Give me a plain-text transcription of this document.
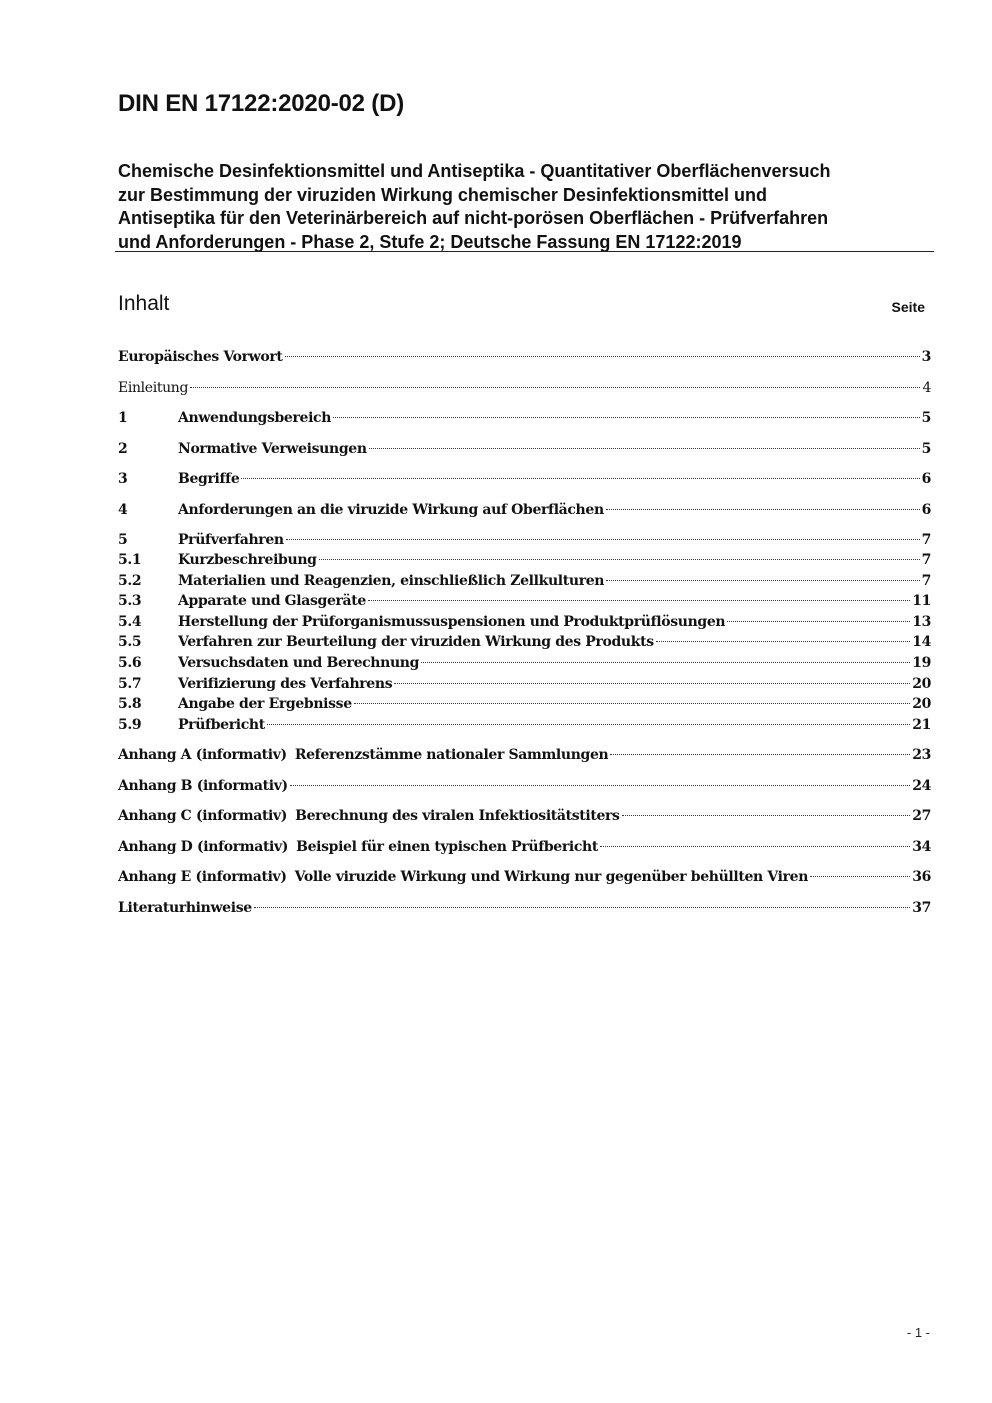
DIN EN 17122:2020-02 (D)
Chemische Desinfektionsmittel und Antiseptika - Quantitativer Oberflächenversuch
zur Bestimmung der viruziden Wirkung chemischer Desinfektionsmittel und
Antiseptika für den Veterinärbereich auf nicht-porösen Oberflächen - Prüfverfahren
und Anforderungen - Phase 2, Stufe 2; Deutsche Fassung EN 17122:2019
Inhalt	Seite
Europäisches Vorwort	3
Einleitung	4
1	Anwendungsbereich	5
2	Normative Verweisungen	5
3	Begriffe	6
4	Anforderungen an die viruzide Wirkung auf Oberflächen	6
5	Prüfverfahren	7
5.1	Kurzbeschreibung	7
5.2	Materialien und Reagenzien, einschließlich Zellkulturen	7
5.3	Apparate und Glasgeräte	11
5.4	Herstellung der Prüforganismussuspensionen und Produktprüflösungen	13
5.5	Verfahren zur Beurteilung der viruziden Wirkung des Produkts	14
5.6	Versuchsdaten und Berechnung	19
5.7	Verifizierung des Verfahrens	20
5.8	Angabe der Ergebnisse	20
5.9	Prüfbericht	21
Anhang A (informativ) Referenzstämme nationaler Sammlungen	23
Anhang B (informativ)	24
Anhang C (informativ) Berechnung des viralen Infektiositätstiters	27
Anhang D (informativ) Beispiel für einen typischen Prüfbericht	34
Anhang E (informativ) Volle viruzide Wirkung und Wirkung nur gegenüber behüllten Viren	36
Literaturhinweise	37
- 1 -
